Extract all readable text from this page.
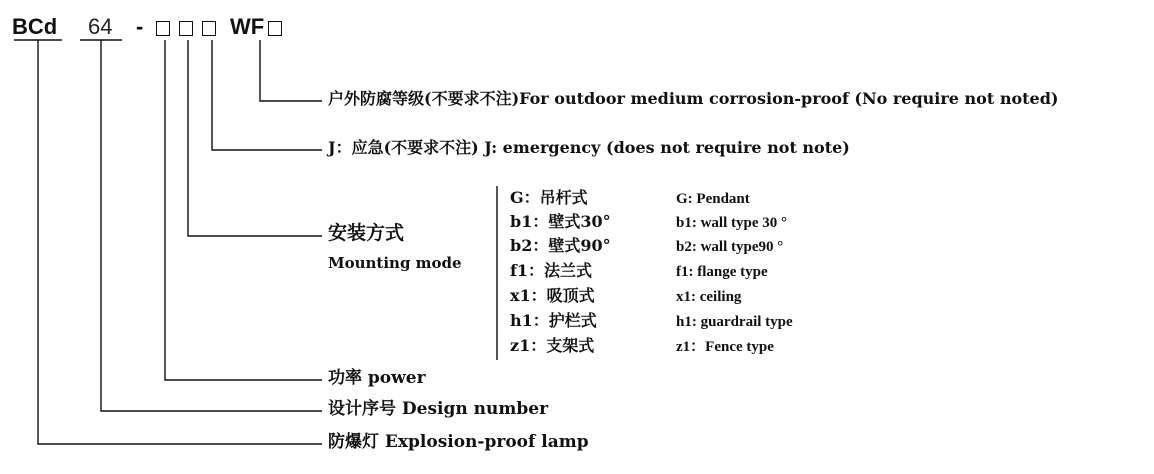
BCd 64 -	WF
户外防腐等级(不要求不注)For outdoor medium corrosion-proof (No require not noted)
J：应急(不要求不注) J: emergency (does not require not note)
安装方式
Mounting mode
功率 power
设计序号 Design number
防爆灯 Explosion-proof lamp
G：吊杆式
b1：壁式30°
b2：壁式90°
f1：法兰式
x1：吸顶式
h1：护栏式
z1：支架式
G: Pendant
b1: wall type 30 °
b2: wall type90 °
f1: flange type
x1: ceiling
h1: guardrail type
z1：Fence type
